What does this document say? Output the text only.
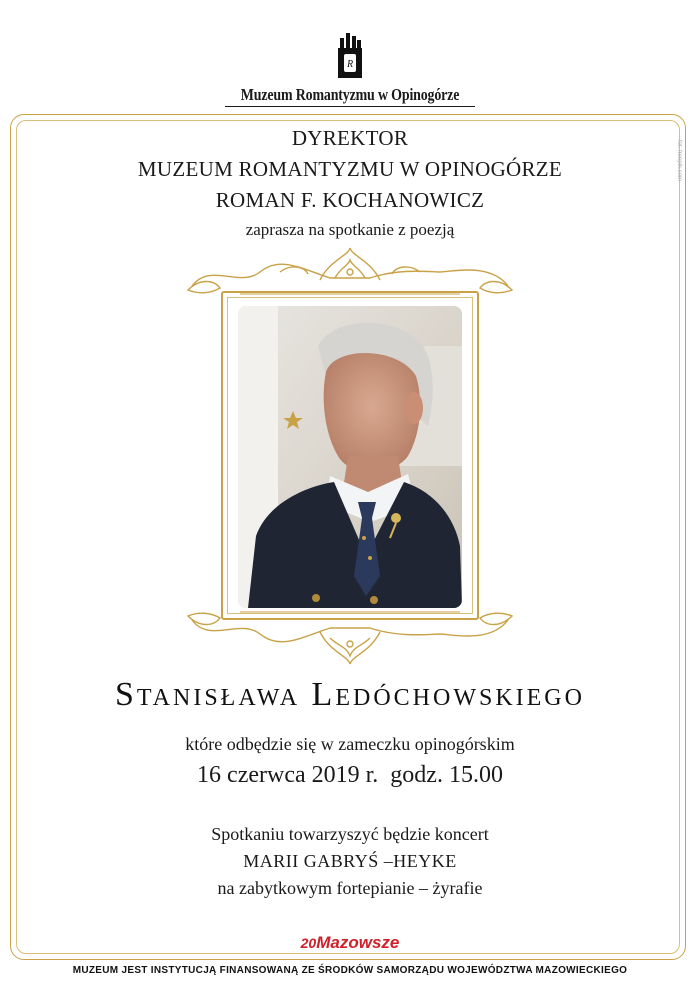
R
Muzeum Romantyzmu w Opinogórze
fot. freepik.com
DYREKTOR
MUZEUM ROMANTYZMU W OPINOGÓRZE
ROMAN F. KOCHANOWICZ
zaprasza na spotkanie z poezją
Stanisława Ledóchowskiego
które odbędzie się w zameczku opinogórskim
16 czerwca 2019 r.  godz. 15.00
Spotkaniu towarzyszyć będzie koncert
MARII GABRYŚ –HEYKE
na zabytkowym fortepianie – żyrafie
20Mazowsze
MUZEUM JEST INSTYTUCJĄ FINANSOWANĄ ZE ŚRODKÓW SAMORZĄDU WOJEWÓDZTWA MAZOWIECKIEGO
